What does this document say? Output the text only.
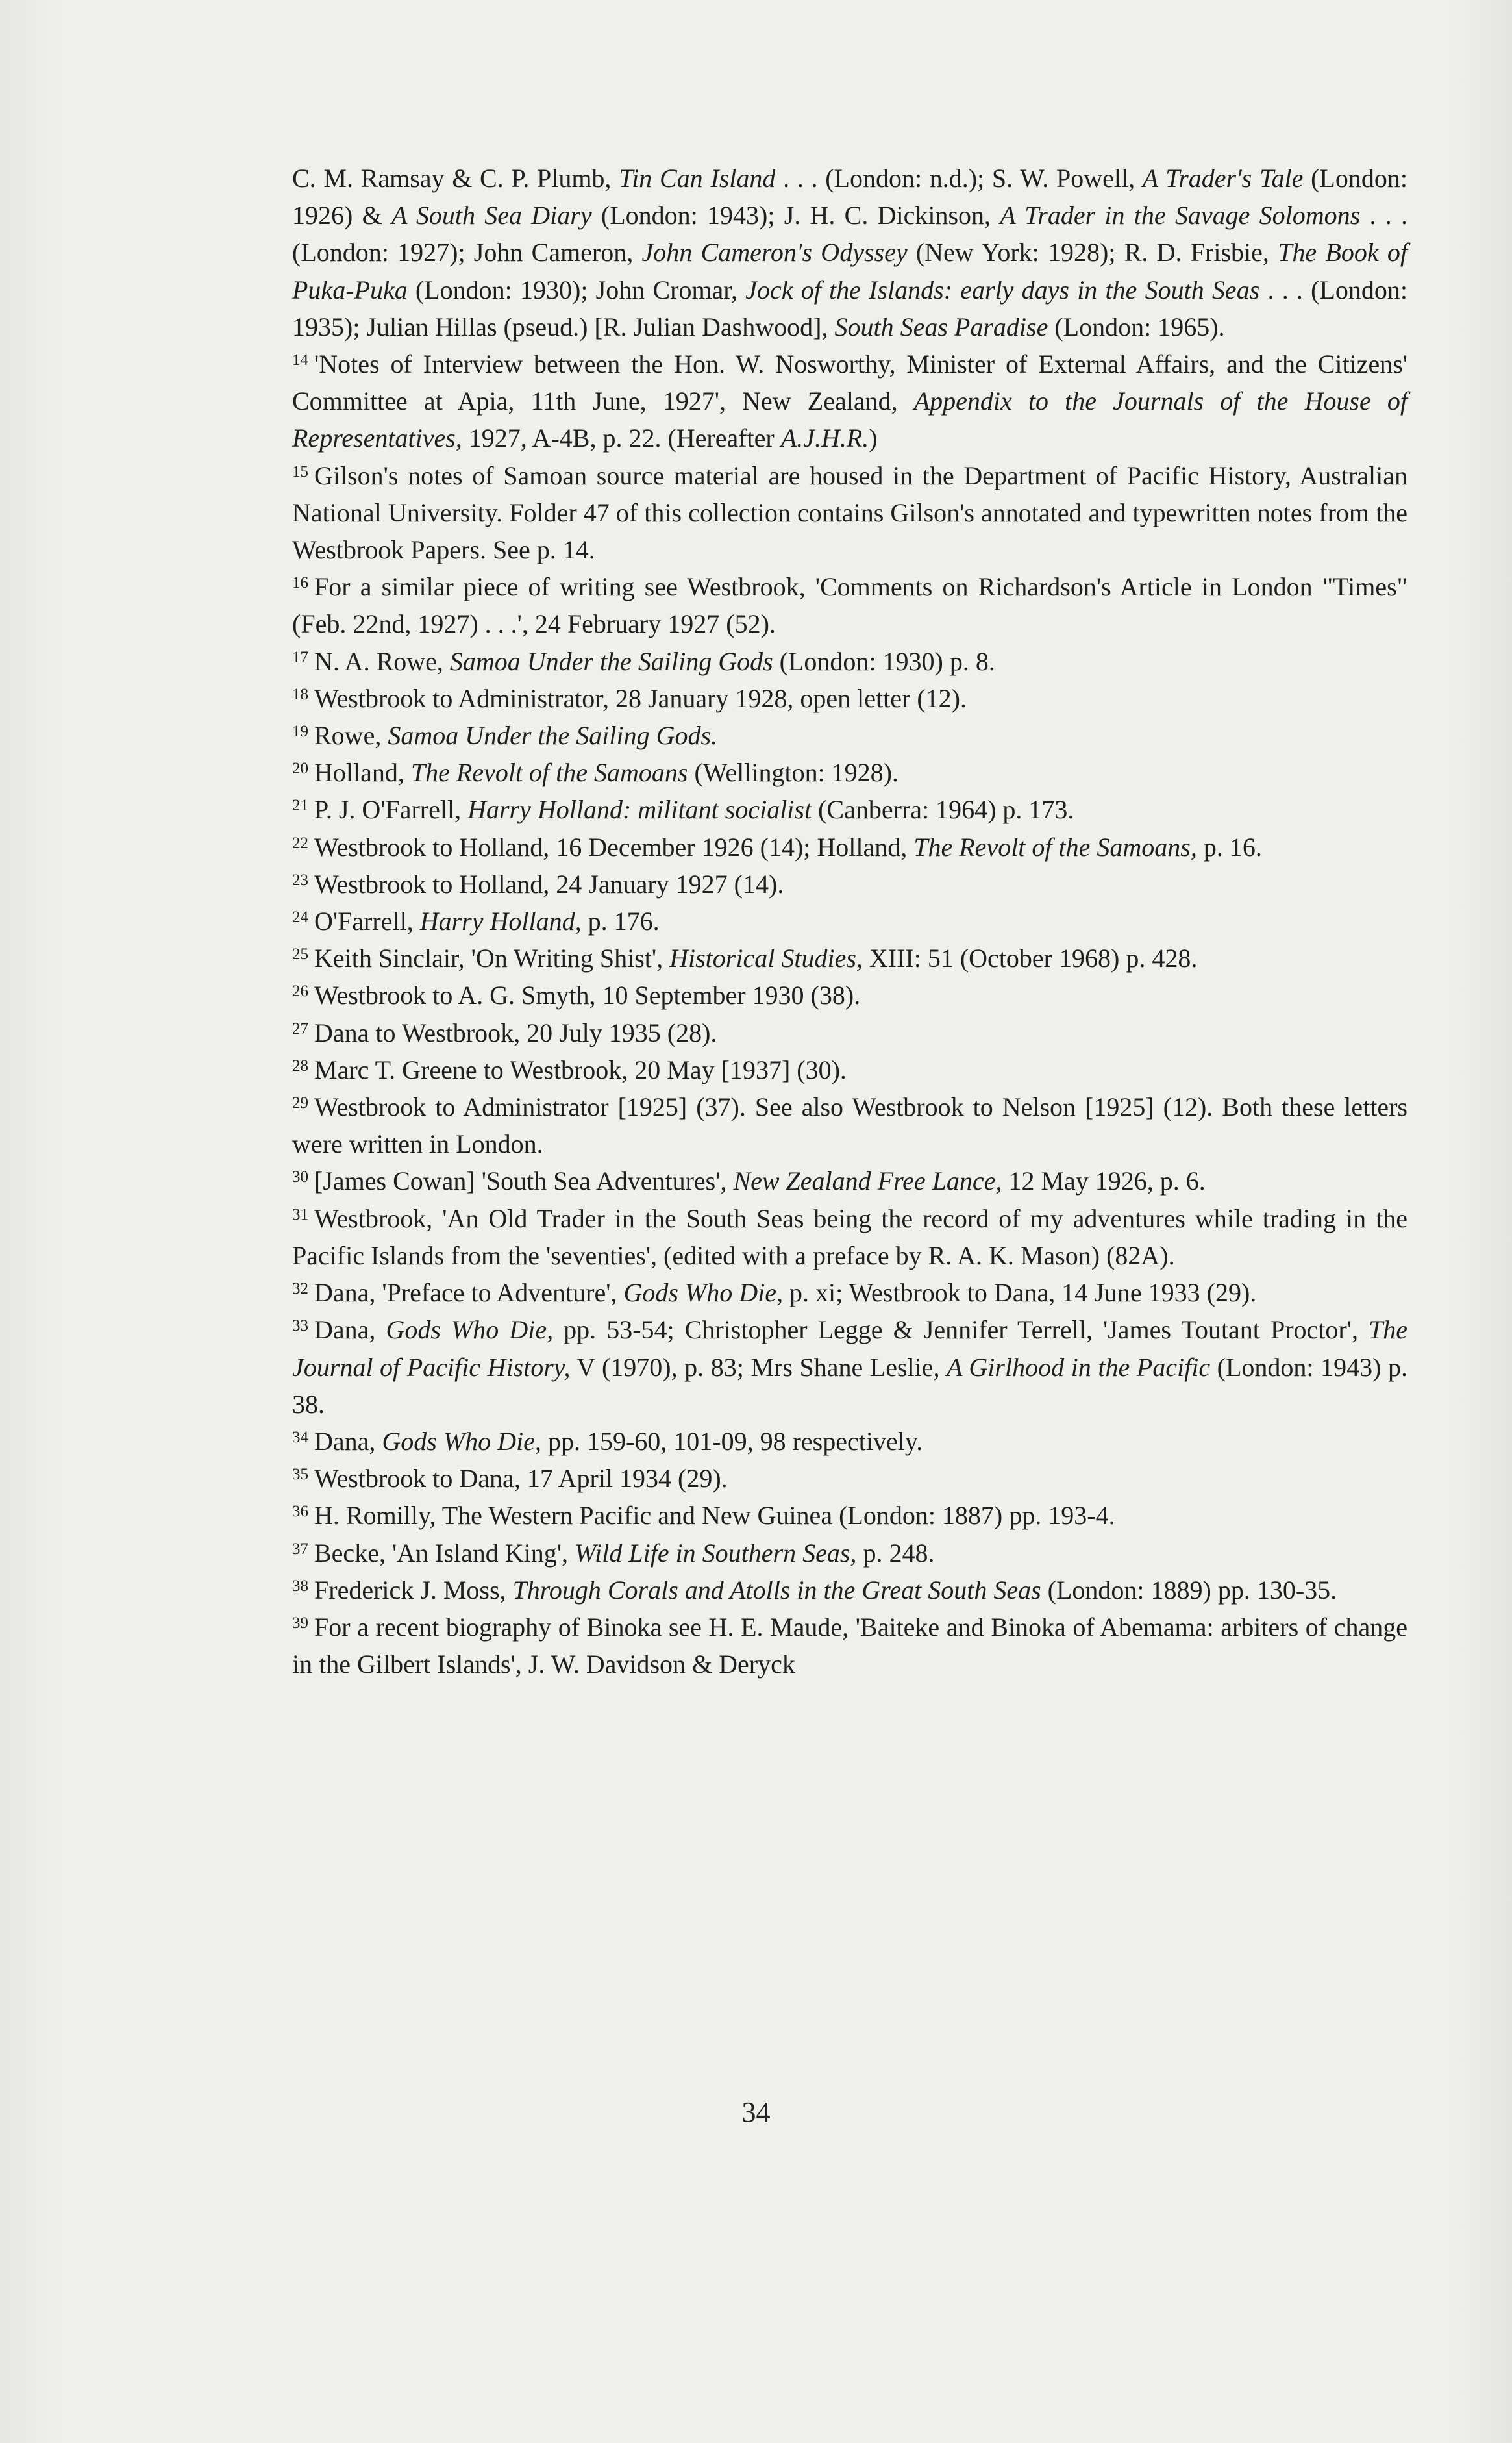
C. M. Ramsay & C. P. Plumb, Tin Can Island . . . (London: n.d.); S. W. Powell, A Trader's Tale (London: 1926) & A South Sea Diary (London: 1943); J. H. C. Dickinson, A Trader in the Savage Solomons . . . (London: 1927); John Cameron, John Cameron's Odyssey (New York: 1928); R. D. Frisbie, The Book of Puka-Puka (London: 1930); John Cromar, Jock of the Islands: early days in the South Seas . . . (London: 1935); Julian Hillas (pseud.) [R. Julian Dashwood], South Seas Paradise (London: 1965).

$^{14}$ 'Notes of Interview between the Hon. W. Nosworthy, Minister of External Affairs, and the Citizens' Committee at Apia, 11th June, 1927', New Zealand, Appendix to the Journals of the House of Representatives, 1927, A-4B, p. 22. (Hereafter A.J.H.R.)

$^{15}$ Gilson's notes of Samoan source material are housed in the Department of Pacific History, Australian National University. Folder 47 of this collection contains Gilson's annotated and typewritten notes from the Westbrook Papers. See p. 14.

$^{16}$ For a similar piece of writing see Westbrook, 'Comments on Richardson's Article in London "Times" (Feb. 22nd, 1927) . . .', 24 February 1927 (52).

$^{17}$ N. A. Rowe, Samoa Under the Sailing Gods (London: 1930) p. 8.

$^{18}$ Westbrook to Administrator, 28 January 1928, open letter (12).

$^{19}$ Rowe, Samoa Under the Sailing Gods.

$^{20}$ Holland, The Revolt of the Samoans (Wellington: 1928).

$^{21}$ P. J. O'Farrell, Harry Holland: militant socialist (Canberra: 1964) p. 173.

$^{22}$ Westbrook to Holland, 16 December 1926 (14); Holland, The Revolt of the Samoans, p. 16.

$^{23}$ Westbrook to Holland, 24 January 1927 (14).

$^{24}$ O'Farrell, Harry Holland, p. 176.

$^{25}$ Keith Sinclair, 'On Writing Shist', Historical Studies, XIII: 51 (October 1968) p. 428.

$^{26}$ Westbrook to A. G. Smyth, 10 September 1930 (38).

$^{27}$ Dana to Westbrook, 20 July 1935 (28).

$^{28}$ Marc T. Greene to Westbrook, 20 May [1937] (30).

$^{29}$ Westbrook to Administrator [1925] (37). See also Westbrook to Nelson [1925] (12). Both these letters were written in London.

$^{30}$ [James Cowan] 'South Sea Adventures', New Zealand Free Lance, 12 May 1926, p. 6.

$^{31}$ Westbrook, 'An Old Trader in the South Seas being the record of my adventures while trading in the Pacific Islands from the 'seventies', (edited with a preface by R. A. K. Mason) (82A).

$^{32}$ Dana, 'Preface to Adventure', Gods Who Die, p. xi; Westbrook to Dana, 14 June 1933 (29).

$^{33}$ Dana, Gods Who Die, pp. 53-54; Christopher Legge & Jennifer Terrell, 'James Toutant Proctor', The Journal of Pacific History, V (1970), p. 83; Mrs Shane Leslie, A Girlhood in the Pacific (London: 1943) p. 38.

$^{34}$ Dana, Gods Who Die, pp. 159-60, 101-09, 98 respectively.

$^{35}$ Westbrook to Dana, 17 April 1934 (29).

$^{36}$ H. Romilly, The Western Pacific and New Guinea (London: 1887) pp. 193-4.

$^{37}$ Becke, 'An Island King', Wild Life in Southern Seas, p. 248.

$^{38}$ Frederick J. Moss, Through Corals and Atolls in the Great South Seas (London: 1889) pp. 130-35.

$^{39}$ For a recent biography of Binoka see H. E. Maude, 'Baiteke and Binoka of Abemama: arbiters of change in the Gilbert Islands', J. W. Davidson & Deryck

34
